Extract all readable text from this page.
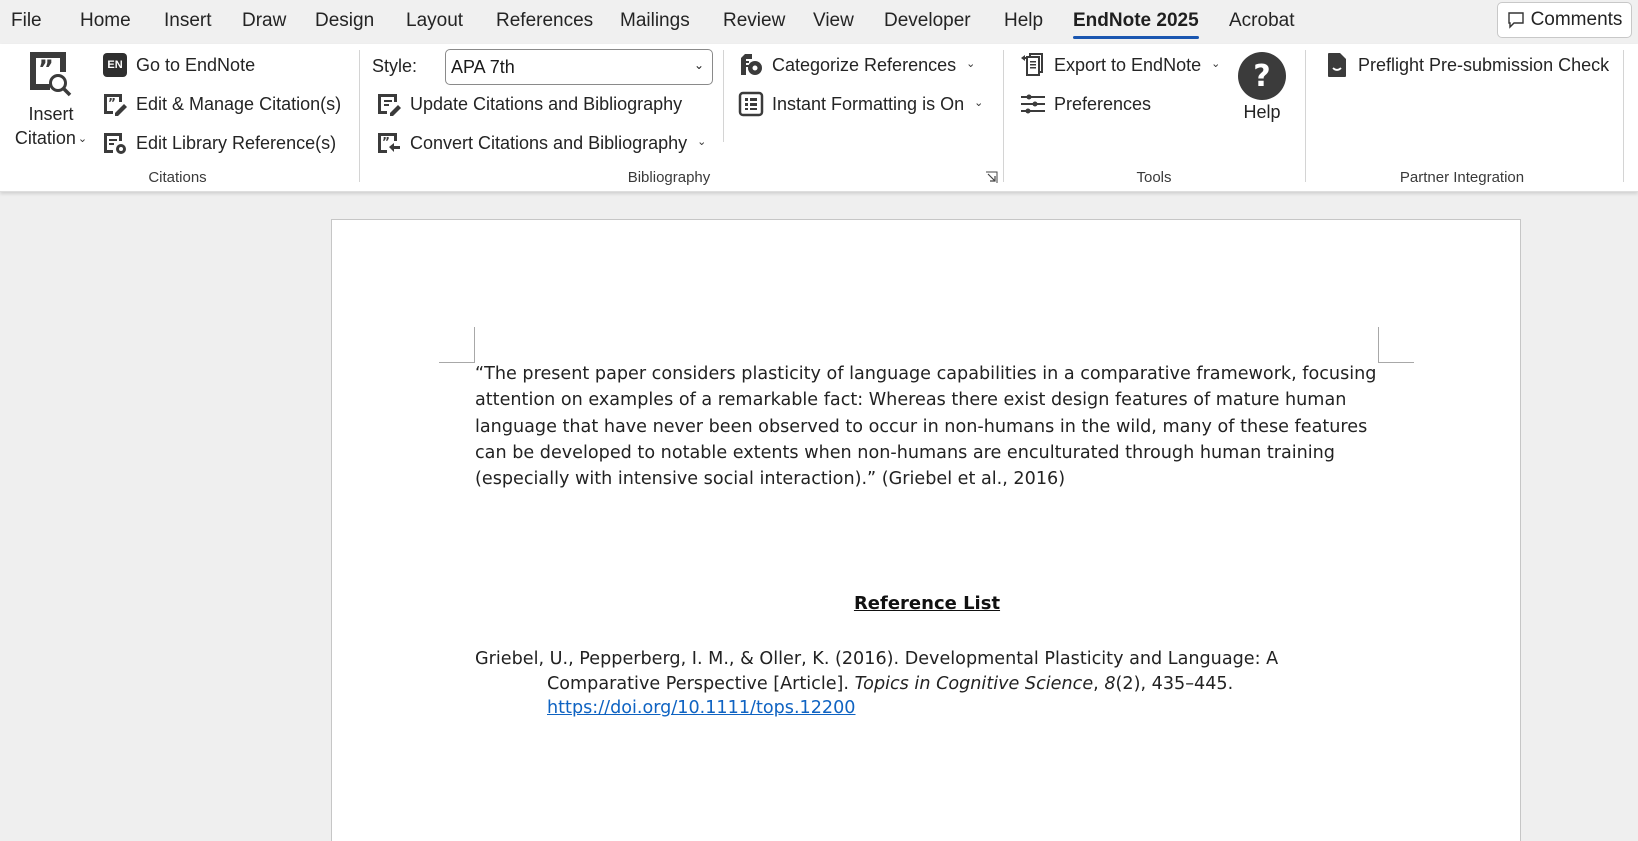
File Home Insert Draw Design Layout References Mailings Review View Developer Help EndNote 2025 Acrobat	Comments
”
Insert
Citation ⌄
EN Go to EndNote
” Edit & Manage Citation(s)
Edit Library Reference(s)
Citations
Style: APA 7th	⌄
Update Citations and Bibliography
” Convert Citations and Bibliography ⌄
Categorize References ⌄
Instant Formatting is On ⌄
Bibliography
Export to EndNote ⌄
Preferences
?
Help
Tools
Preflight Pre-submission Check
Partner Integration
“The present paper considers plasticity of language capabilities in a comparative framework, focusing attention on examples of a remarkable fact: Whereas there exist design features of mature human language that have never been observed to occur in non-humans in the wild, many of these features can be developed to notable extents when non-humans are enculturated through human training (especially with intensive social interaction).” (Griebel et al., 2016)
Reference List
Griebel, U., Pepperberg, I. M., & Oller, K. (2016). Developmental Plasticity and Language: A
Comparative Perspective [Article]. Topics in Cognitive Science, 8(2), 435–445.
https://doi.org/10.1111/tops.12200
